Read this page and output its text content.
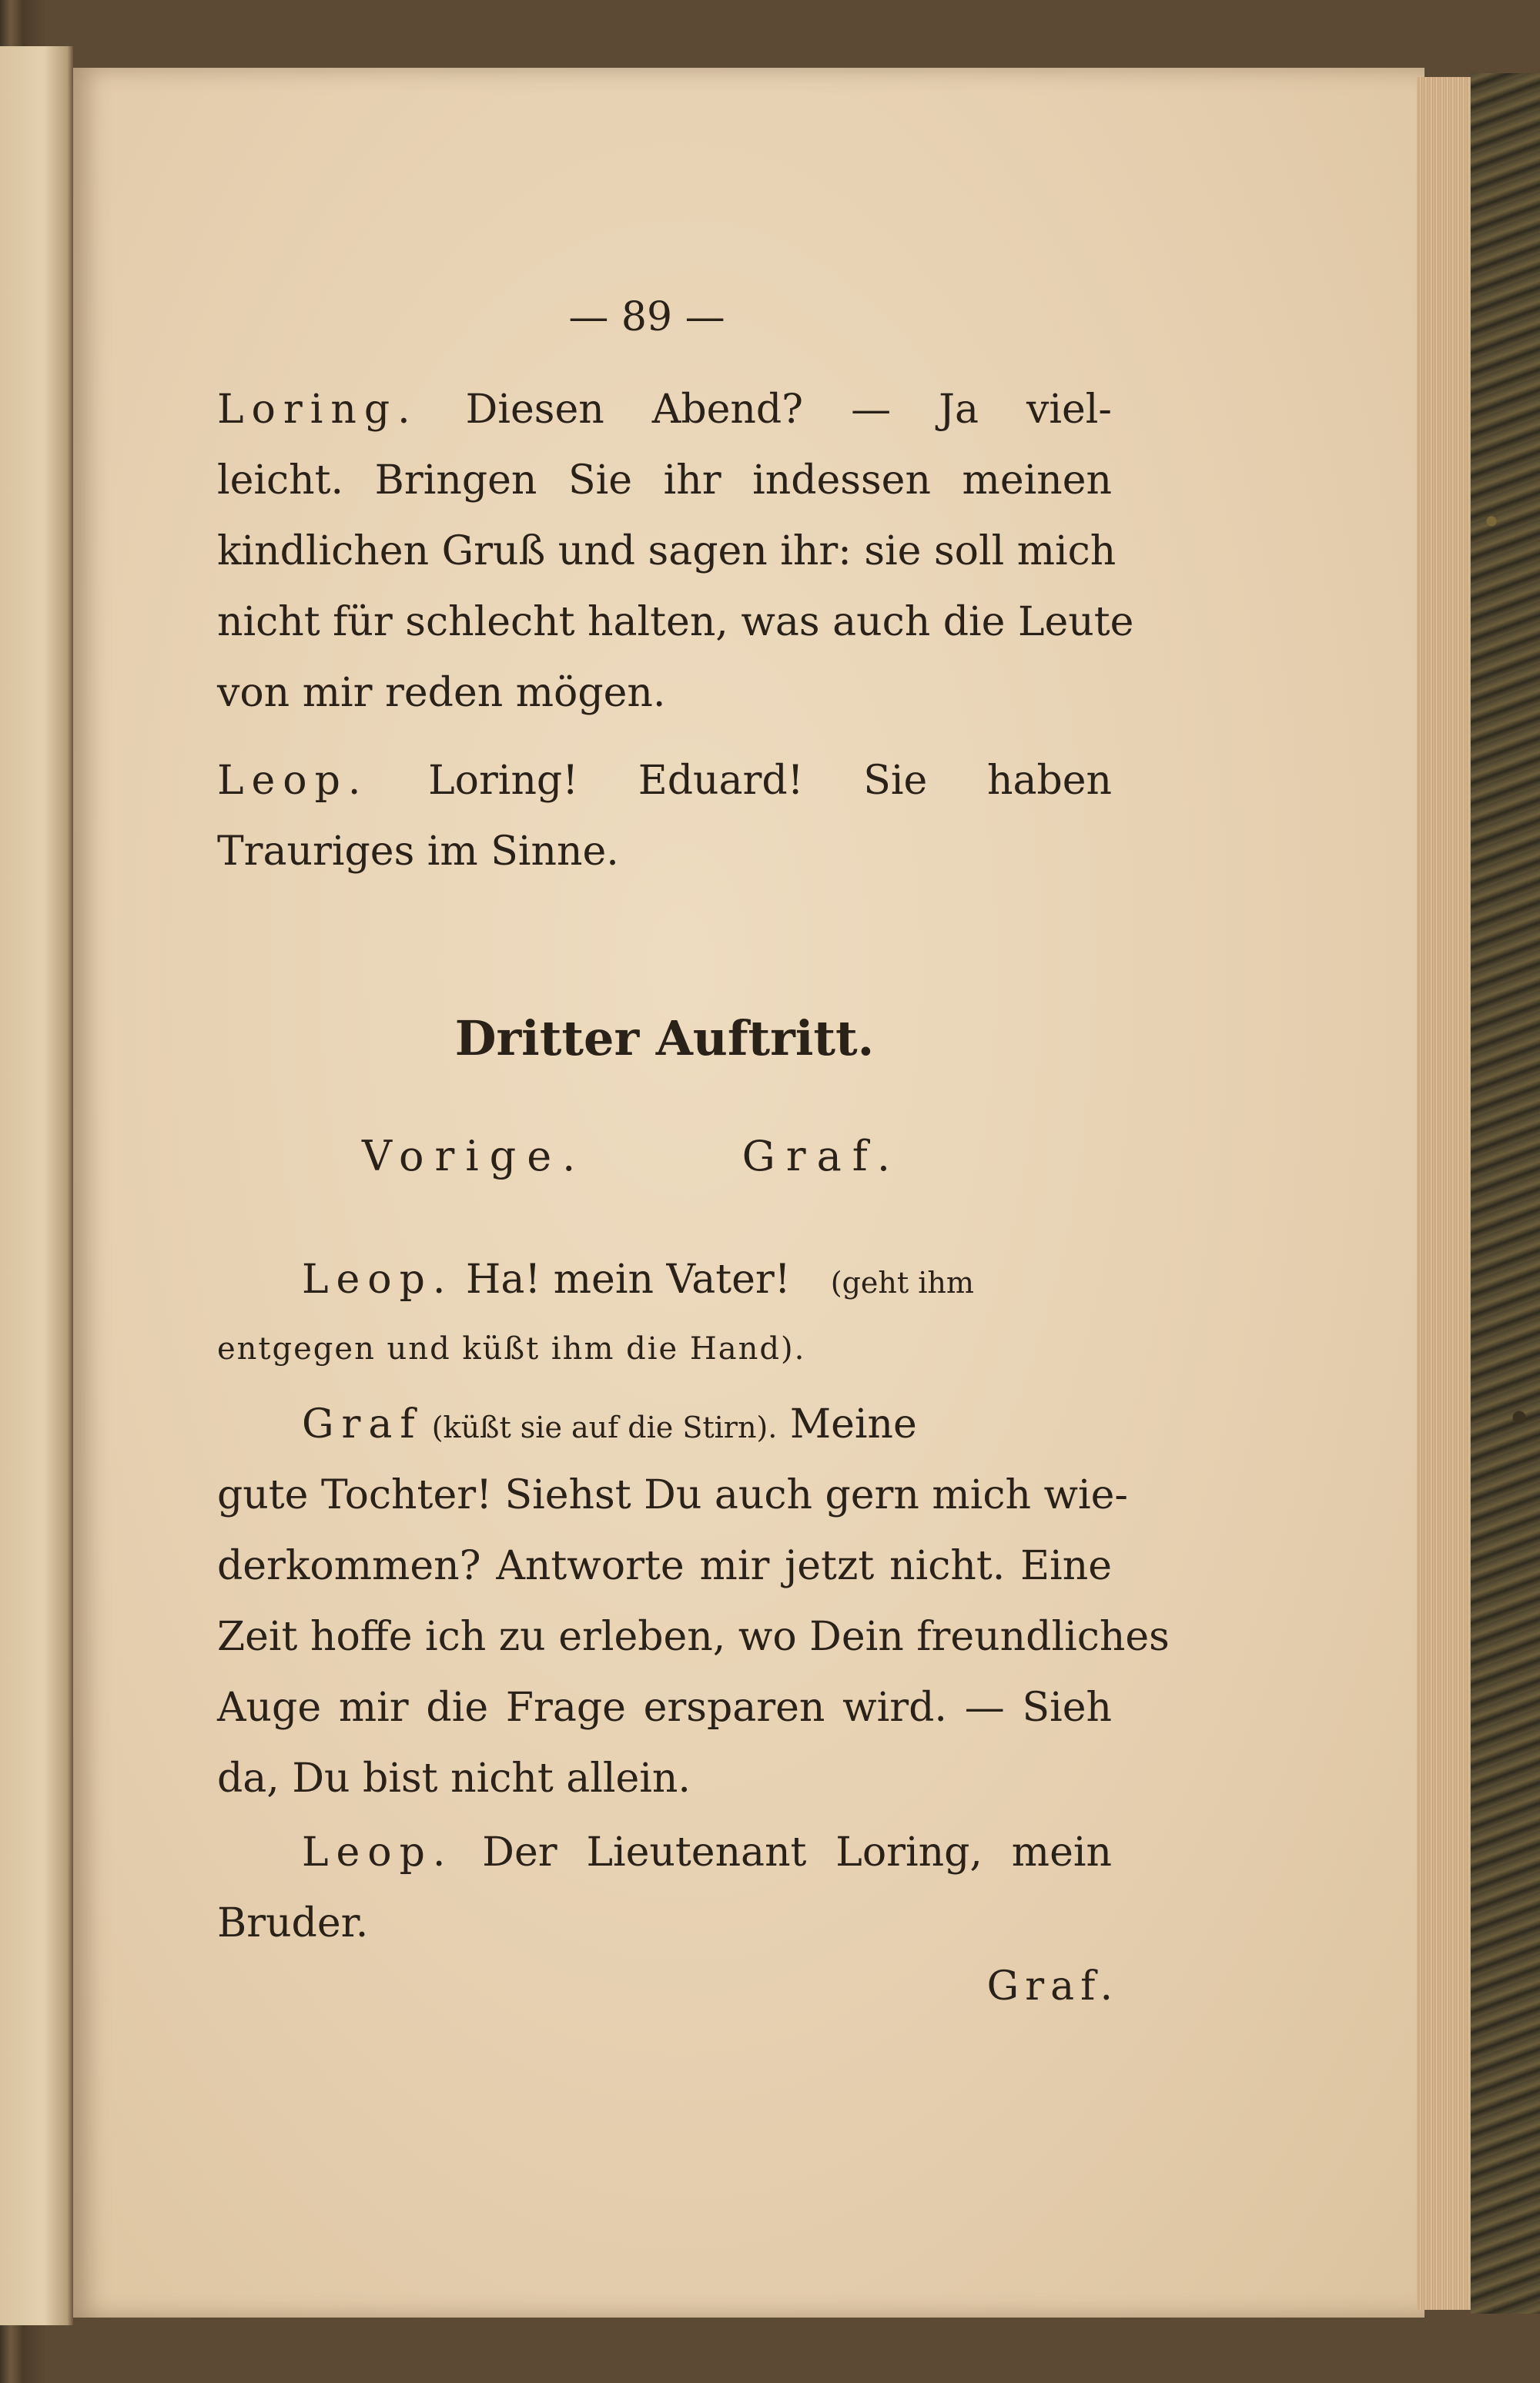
— 89 —

Loring. Diesen Abend? — Ja viel-

leicht. Bringen Sie ihr indessen meinen

kindlichen Gruß und sagen ihr: sie soll mich

nicht für schlecht halten, was auch die Leute

von mir reden mögen.

Leop. Loring! Eduard! Sie haben

Trauriges im Sinne.

Dritter Auftritt.
Vorige.	Graf.

Leop. Ha! mein Vater! (geht ihm

entgegen und küßt ihm die Hand).

Graf (küßt sie auf die Stirn). Meine

gute Tochter! Siehst Du auch gern mich wie-

derkommen? Antworte mir jetzt nicht. Eine

Zeit hoffe ich zu erleben, wo Dein freundliches

Auge mir die Frage ersparen wird. — Sieh

da, Du bist nicht allein.

Leop. Der Lieutenant Loring, mein

Bruder.

Graf.
